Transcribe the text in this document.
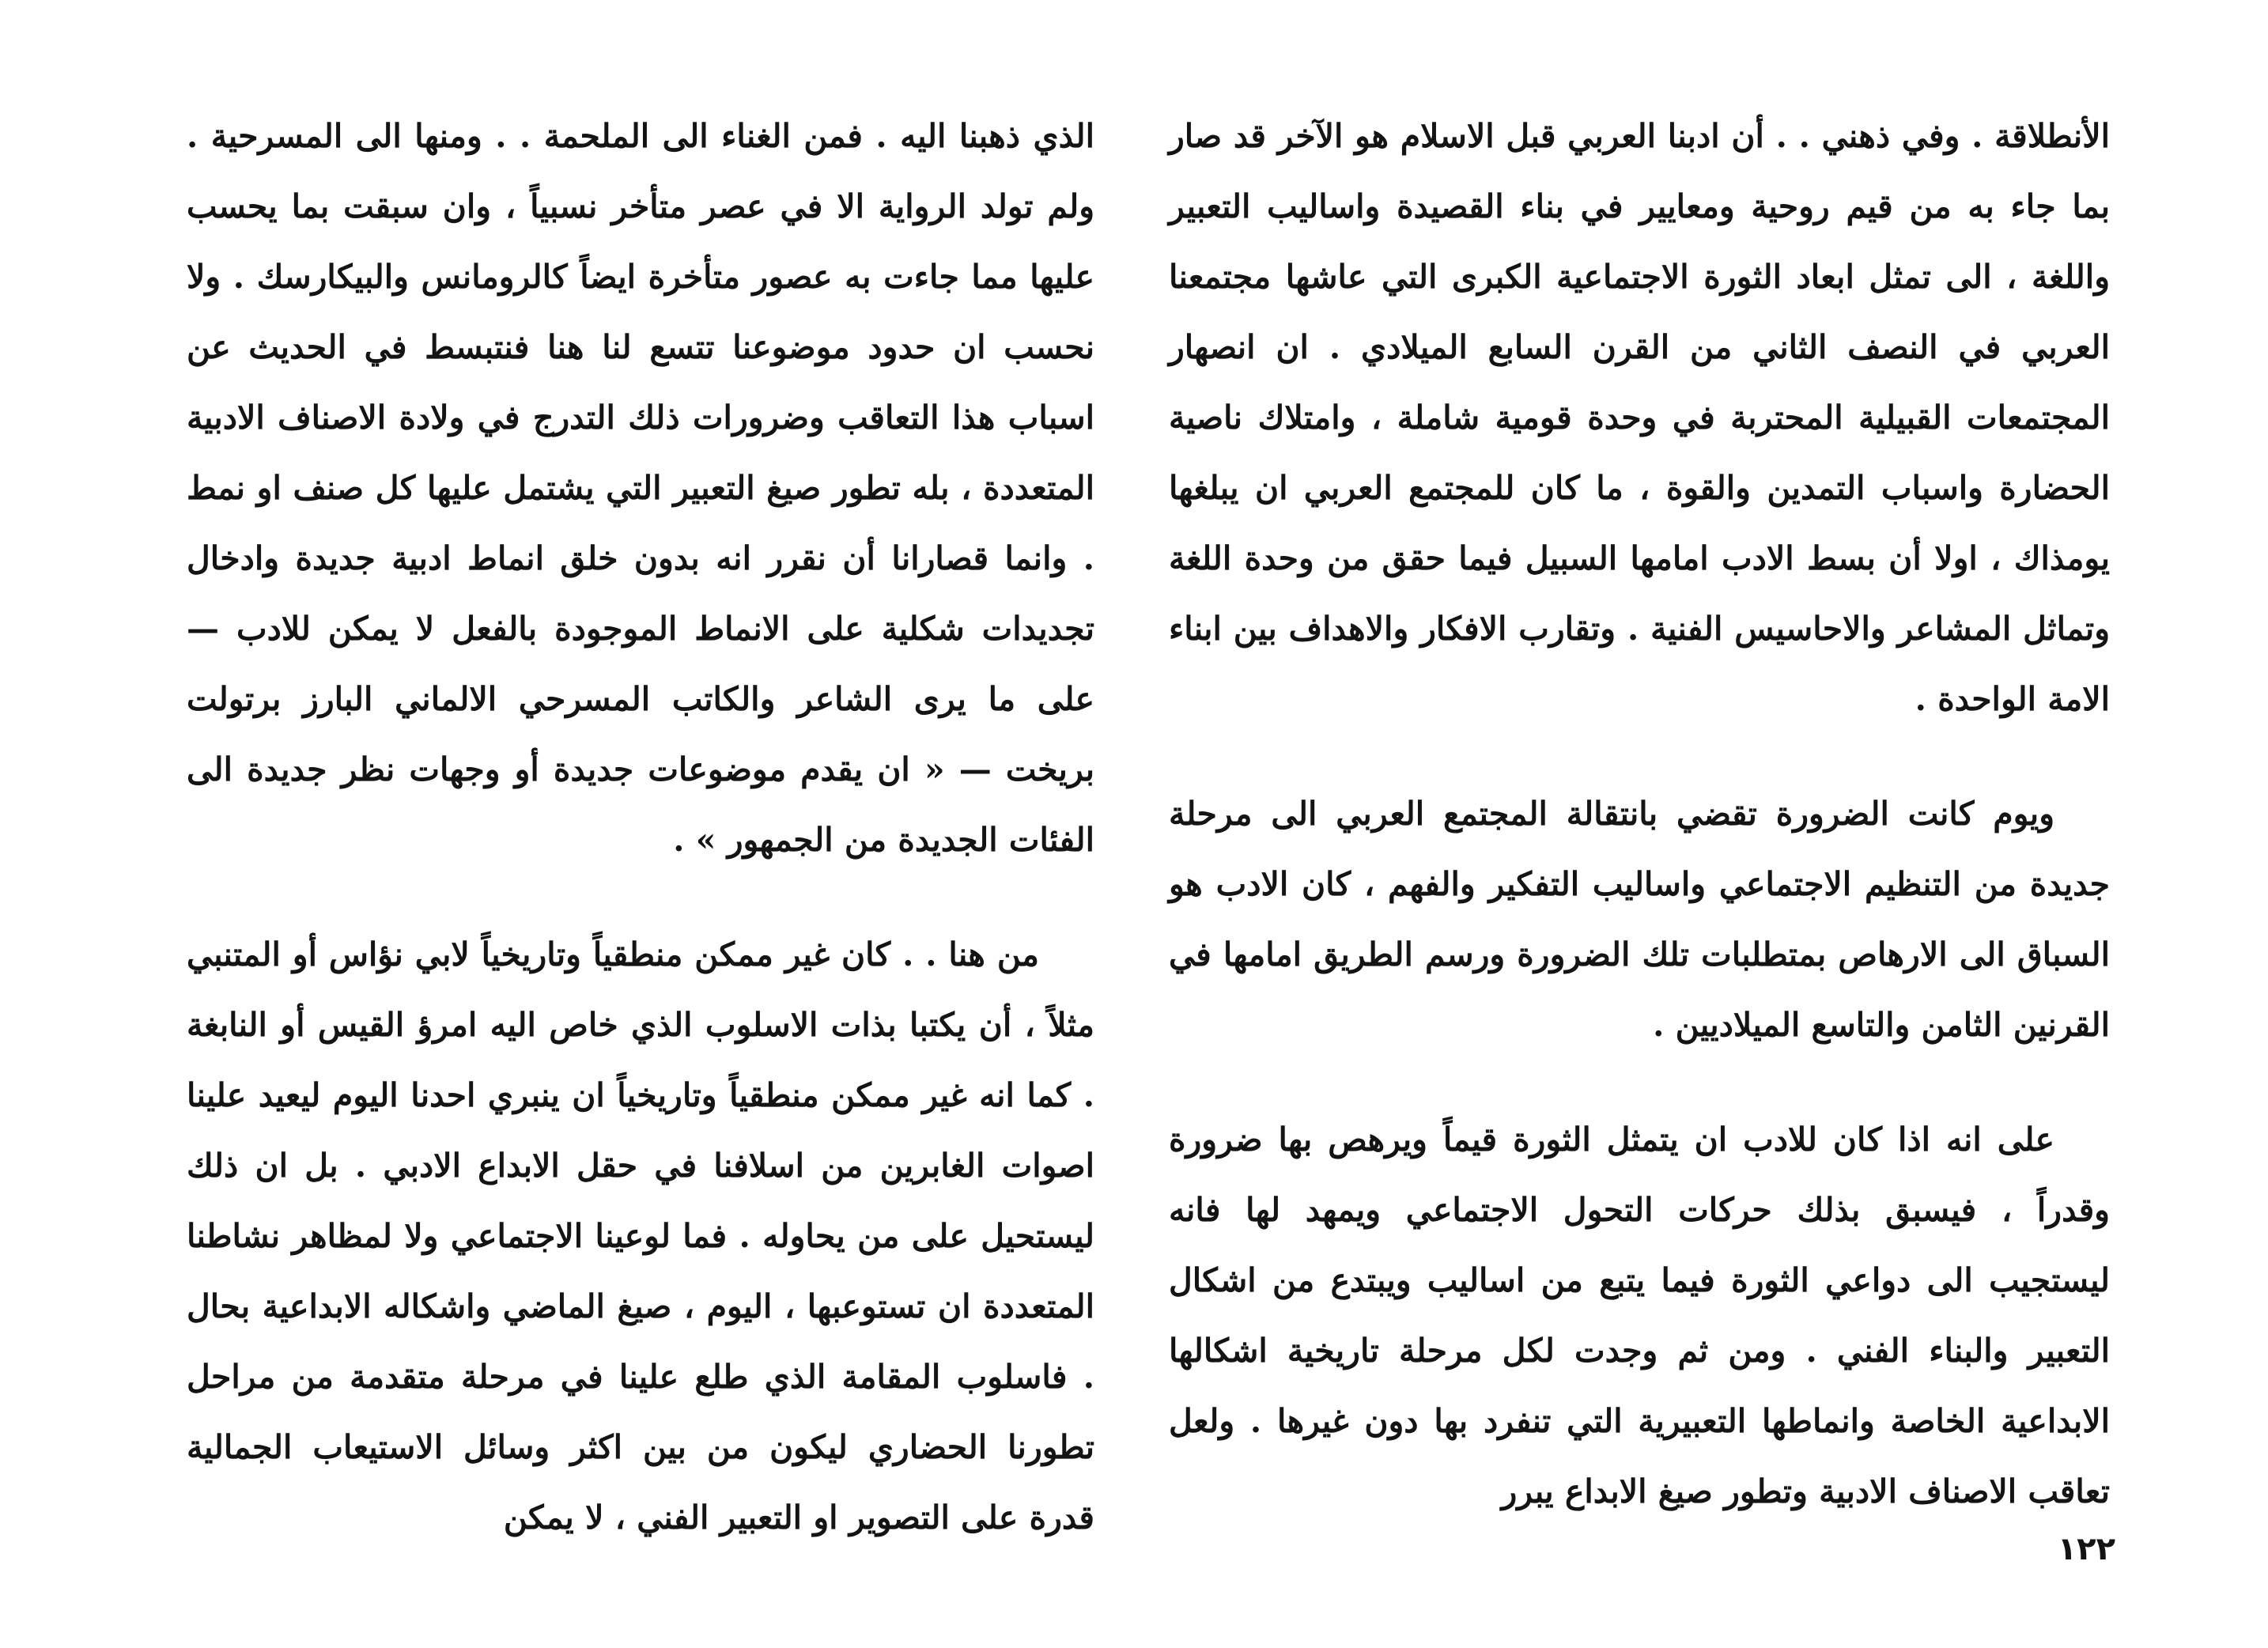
الأنطلاقة . وفي ذهني . . أن ادبنا العربي قبل الاسلام هو الآخر قد صار بما جاء به من قيم روحية ومعايير في بناء القصيدة واساليب التعبير واللغة ، الى تمثل ابعاد الثورة الاجتماعية الكبرى التي عاشها مجتمعنا العربي في النصف الثاني من القرن السابع الميلادي . ان انصهار المجتمعات القبيلية المحتربة في وحدة قومية شاملة ، وامتلاك ناصية الحضارة واسباب التمدين والقوة ، ما كان للمجتمع العربي ان يبلغها يومذاك ، اولا أن بسط الادب امامها السبيل فيما حقق من وحدة اللغة وتماثل المشاعر والاحاسيس الفنية . وتقارب الافكار والاهداف بين ابناء الامة الواحدة .

ويوم كانت الضرورة تقضي بانتقالة المجتمع العربي الى مرحلة جديدة من التنظيم الاجتماعي واساليب التفكير والفهم ، كان الادب هو السباق الى الارهاص بمتطلبات تلك الضرورة ورسم الطريق امامها في القرنين الثامن والتاسع الميلاديين .

على انه اذا كان للادب ان يتمثل الثورة قيماً ويرهص بها ضرورة وقدراً ، فيسبق بذلك حركات التحول الاجتماعي ويمهد لها فانه ليستجيب الى دواعي الثورة فيما يتبع من اساليب ويبتدع من اشكال التعبير والبناء الفني . ومن ثم وجدت لكل مرحلة تاريخية اشكالها الابداعية الخاصة وانماطها التعبيرية التي تنفرد بها دون غيرها . ولعل تعاقب الاصناف الادبية وتطور صيغ الابداع يبرر

الذي ذهبنا اليه . فمن الغناء الى الملحمة . . ومنها الى المسرحية . ولم تولد الرواية الا في عصر متأخر نسبياً ، وان سبقت بما يحسب عليها مما جاءت به عصور متأخرة ايضاً كالرومانس والبيكارسك . ولا نحسب ان حدود موضوعنا تتسع لنا هنا فنتبسط في الحديث عن اسباب هذا التعاقب وضرورات ذلك التدرج في ولادة الاصناف الادبية المتعددة ، بله تطور صيغ التعبير التي يشتمل عليها كل صنف او نمط . وانما قصارانا أن نقرر انه بدون خلق انماط ادبية جديدة وادخال تجديدات شكلية على الانماط الموجودة بالفعل لا يمكن للادب — على ما يرى الشاعر والكاتب المسرحي الالماني البارز برتولت بريخت — « ان يقدم موضوعات جديدة أو وجهات نظر جديدة الى الفئات الجديدة من الجمهور » .

من هنا . . كان غير ممكن منطقياً وتاريخياً لابي نؤاس أو المتنبي مثلاً ، أن يكتبا بذات الاسلوب الذي خاص اليه امرؤ القيس أو النابغة . كما انه غير ممكن منطقياً وتاريخياً ان ينبري احدنا اليوم ليعيد علينا اصوات الغابرين من اسلافنا في حقل الابداع الادبي . بل ان ذلك ليستحيل على من يحاوله . فما لوعينا الاجتماعي ولا لمظاهر نشاطنا المتعددة ان تستوعبها ، اليوم ، صيغ الماضي واشكاله الابداعية بحال . فاسلوب المقامة الذي طلع علينا في مرحلة متقدمة من مراحل تطورنا الحضاري ليكون من بين اكثر وسائل الاستيعاب الجمالية قدرة على التصوير او التعبير الفني ، لا يمكن

١٢٢
